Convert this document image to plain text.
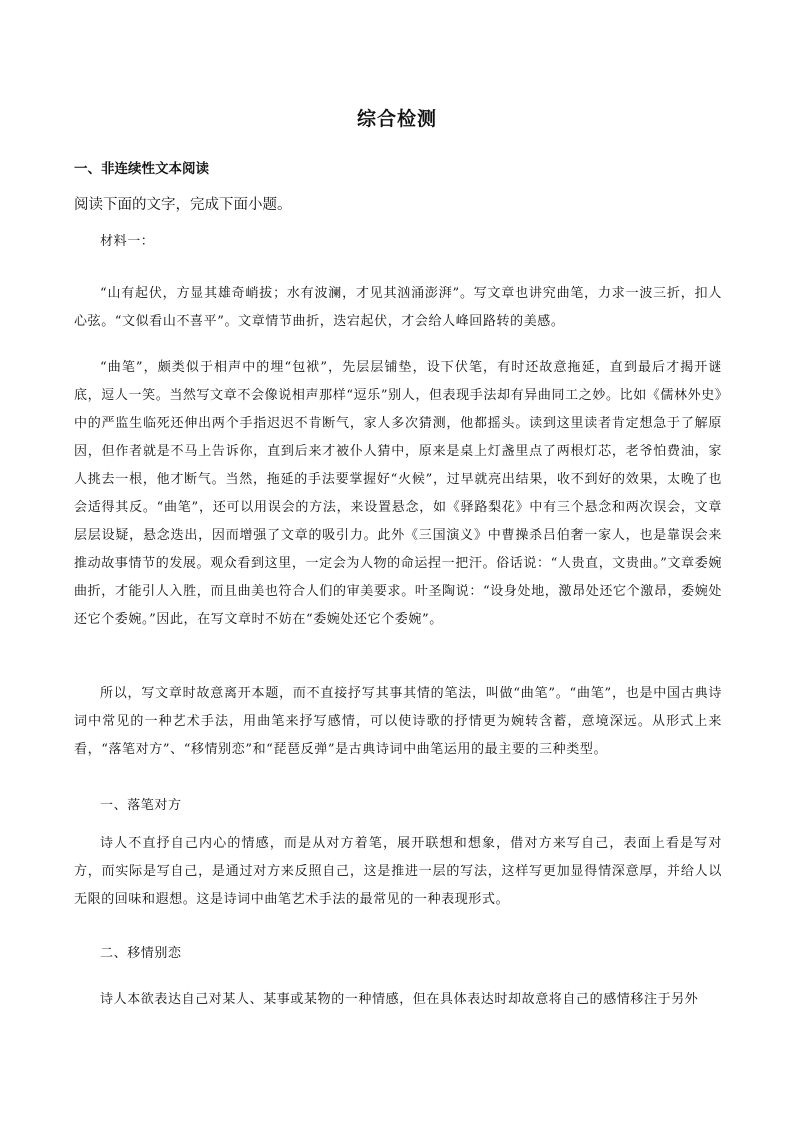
综合检测
一、非连续性文本阅读
阅读下面的文字，完成下面小题。
材料一：

“山有起伏，方显其雄奇峭拔；水有波澜，才见其汹涌澎湃”。写文章也讲究曲笔，力求一波三折，扣人心弦。“文似看山不喜平”。文章情节曲折，迭宕起伏，才会给人峰回路转的美感。

“曲笔”，颇类似于相声中的埋“包袱”，先层层铺垫，设下伏笔，有时还故意拖延，直到最后才揭开谜底，逗人一笑。当然写文章不会像说相声那样“逗乐”别人，但表现手法却有异曲同工之妙。比如《儒林外史》中的严监生临死还伸出两个手指迟迟不肯断气，家人多次猜测，他都摇头。读到这里读者肯定想急于了解原因，但作者就是不马上告诉你，直到后来才被仆人猜中，原来是桌上灯盏里点了两根灯芯，老爷怕费油，家人挑去一根，他才断气。当然，拖延的手法要掌握好“火候”，过早就亮出结果，收不到好的效果，太晚了也会适得其反。“曲笔”，还可以用误会的方法，来设置悬念，如《驿路梨花》中有三个悬念和两次误会，文章层层设疑，悬念迭出，因而增强了文章的吸引力。此外《三国演义》中曹操杀吕伯奢一家人，也是靠误会来推动故事情节的发展。观众看到这里，一定会为人物的命运捏一把汗。俗话说：“人贵直，文贵曲。”文章委婉曲折，才能引人入胜，而且曲美也符合人们的审美要求。叶圣陶说：“设身处地，激昂处还它个激昂，委婉处还它个委婉。”因此，在写文章时不妨在“委婉处还它个委婉”。

所以，写文章时故意离开本题，而不直接抒写其事其情的笔法，叫做“曲笔”。“曲笔”，也是中国古典诗词中常见的一种艺术手法，用曲笔来抒写感情，可以使诗歌的抒情更为婉转含蓄，意境深远。从形式上来看，“落笔对方”、“移情别恋”和“琵琶反弹”是古典诗词中曲笔运用的最主要的三种类型。

一、落笔对方

诗人不直抒自己内心的情感，而是从对方着笔，展开联想和想象，借对方来写自己，表面上看是写对方，而实际是写自己，是通过对方来反照自己，这是推进一层的写法，这样写更加显得情深意厚，并给人以无限的回味和遐想。这是诗词中曲笔艺术手法的最常见的一种表现形式。

二、移情别恋

诗人本欲表达自己对某人、某事或某物的一种情感，但在具体表达时却故意将自己的感情移注于另外
